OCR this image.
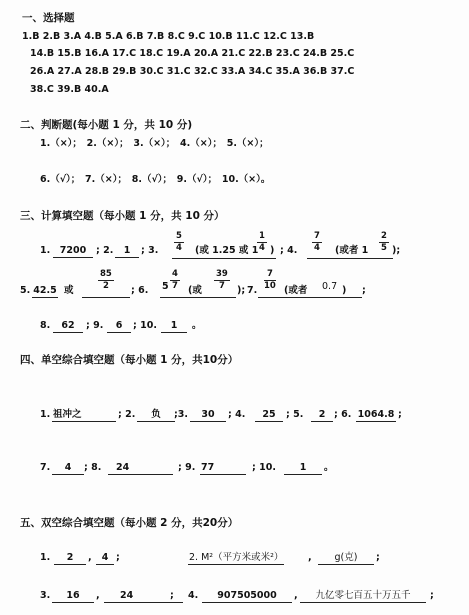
一、选择题
1.B 2.B 3.A 4.B 5.A 6.B 7.B 8.C 9.C 10.B 11.C 12.C 13.B
14.B 15.B 16.A 17.C 18.C 19.A 20.A 21.C 22.B 23.C 24.B 25.C
26.A 27.A 28.B 29.B 30.C 31.C 32.C 33.A 34.C 35.A 36.B 37.C
38.C 39.B 40.A
二、判断题(每小题 1 分，共 10 分)
1.（×）；　2.（×）；　3.（×）；　4.（×）；　5.（×）；
6.（√）；　7.（×）；　8.（√）；　9.（√）；　10.（×）。
三、计算填空题（每小题 1 分，共 10 分）
1.	7200	; 2.	1	; 3.
5
4 (或 1.25 或 1
1
4 ) ; 4.
7
4 (或者 1
2
5 );
5. 42.5 或
85
2 ; 6. 5
4
7 (或
39
7 ); 7.
7
10 (或者 0.7 ) ;
8.	62	; 9.	6	; 10.	1	。
四、单空综合填空题（每小题 1 分，共10分）
1. 祖冲之	; 2.	负	;3.	30	; 4.	25	; 5.	2 ; 6. 1064.8 ;
7.	4	; 8.	24	; 9. 77	; 10.	1	。
五、双空综合填空题（每小题 2 分，共20分）
1.	2	,	4 ;	2. M²（平方米或米²）	,	g(克)	;
3.	16	,	24	; 4.	907505000	,	九亿零七百五十万五千	;
